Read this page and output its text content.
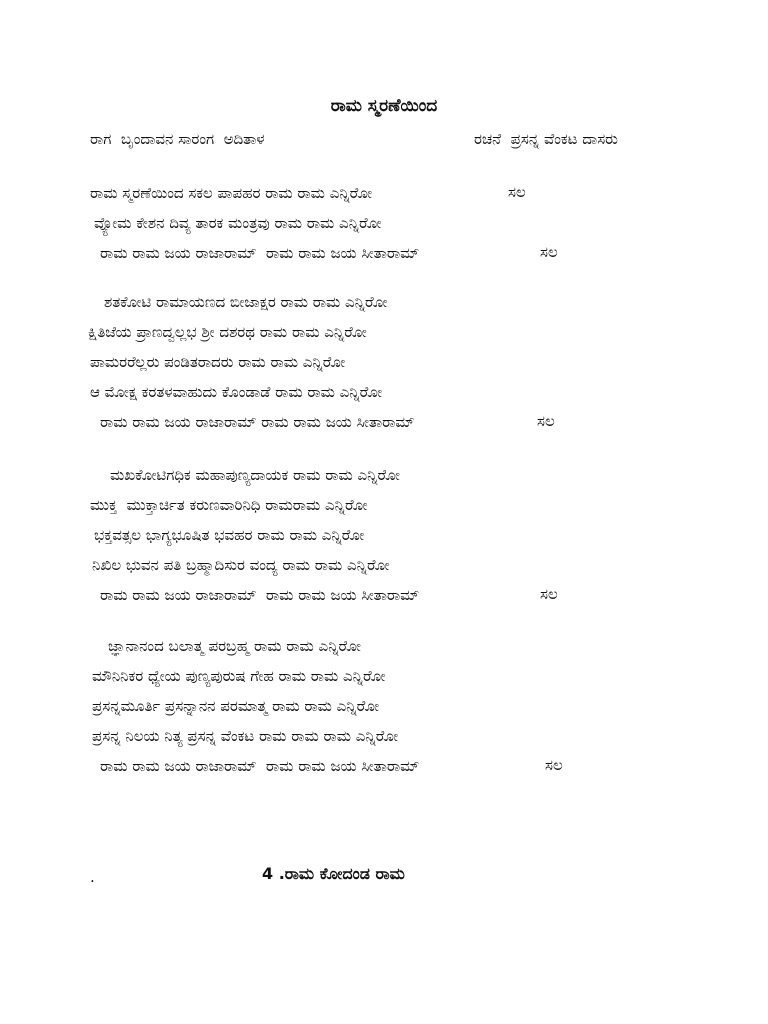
ರಾಮ ಸ್ಮರಣೆಯಿಂದ
ರಾಗ  ಬೃಂದಾವನ ಸಾರಂಗ  ಅದಿತಾಳ	ರಚನೆ  ಪ್ರಸನ್ನ ವೆಂಕಟ ದಾಸರು
ರಾಮ ಸ್ಮರಣೆಯಿಂದ ಸಕಲ ಪಾಪಹರ ರಾಮ ರಾಮ ಎನ್ನಿರೋ	ಸಲ
ವ್ಯೋಮ ಕೇಶನ ದಿವ್ಯ ತಾರಕ ಮಂತ್ರವು ರಾಮ ರಾಮ ಎನ್ನಿರೋ
ರಾಮ ರಾಮ ಜಯ ರಾಜಾರಾಮ್  ರಾಮ ರಾಮ ಜಯ ಸೀತಾರಾಮ್	ಸಲ
ಶತಕೋಟಿ ರಾಮಾಯಣದ ಬೀಜಾಕ್ಷರ ರಾಮ ರಾಮ ಎನ್ನಿರೋ
ಕ್ಷಿತಿಜೆಯ ಪ್ರಾಣದ್ವಲ್ಲಭ ಶ್ರೀ ದಶರಥ ರಾಮ ರಾಮ ಎನ್ನಿರೋ
ಪಾಮರರೆಲ್ಲರು ಪಂಡಿತರಾದರು ರಾಮ ರಾಮ ಎನ್ನಿರೋ
ಆ ಮೋಕ್ಷ ಕರತಳವಾಹುದು ಕೊಂಡಾಡೆ ರಾಮ ರಾಮ ಎನ್ನಿರೋ
ರಾಮ ರಾಮ ಜಯ ರಾಜಾರಾಮ್ ರಾಮ ರಾಮ ಜಯ ಸೀತಾರಾಮ್	ಸಲ
ಮಖಕೋಟಿಗಧಿಕ ಮಹಾಪುಣ್ಯದಾಯಕ ರಾಮ ರಾಮ ಎನ್ನಿರೋ
ಮುಕ್ತ  ಮುಕ್ತಾರ್ಚಿತ ಕರುಣವಾರಿನಿಧಿ ರಾಮರಾಮ ಎನ್ನಿರೋ
ಭಕ್ತವತ್ಸಲ ಭಾಗ್ಯಭೂಷಿತ ಭವಹರ ರಾಮ ರಾಮ ಎನ್ನಿರೋ
ನಿಖಿಲ ಭುವನ ಪತಿ ಬ್ರಹ್ಮಾದಿಸುರ ವಂದ್ಯ ರಾಮ ರಾಮ ಎನ್ನಿರೋ
ರಾಮ ರಾಮ ಜಯ ರಾಜಾರಾಮ್  ರಾಮ ರಾಮ ಜಯ ಸೀತಾರಾಮ್	ಸಲ
ಜ್ಞಾನಾನಂದ ಬಲಾತ್ಮ ಪರಬ್ರಹ್ಮ ರಾಮ ರಾಮ ಎನ್ನಿರೋ
ಮೌನಿನಿಕರ ಧ್ಯೇಯ ಪುಣ್ಯಪುರುಷ ಗೇಹ ರಾಮ ರಾಮ ಎನ್ನಿರೋ
ಪ್ರಸನ್ನಮೂರ್ತಿ ಪ್ರಸನ್ನಾನನ ಪರಮಾತ್ಮ ರಾಮ ರಾಮ ಎನ್ನಿರೋ
ಪ್ರಸನ್ನ ನಿಲಯ ನಿತ್ಯ ಪ್ರಸನ್ನ ವೆಂಕಟ ರಾಮ ರಾಮ ರಾಮ ಎನ್ನಿರೋ
ರಾಮ ರಾಮ ಜಯ ರಾಜಾರಾಮ್  ರಾಮ ರಾಮ ಜಯ ಸೀತಾರಾಮ್	ಸಲ
.	4 .ರಾಮ ಕೋದಂಡ ರಾಮ
